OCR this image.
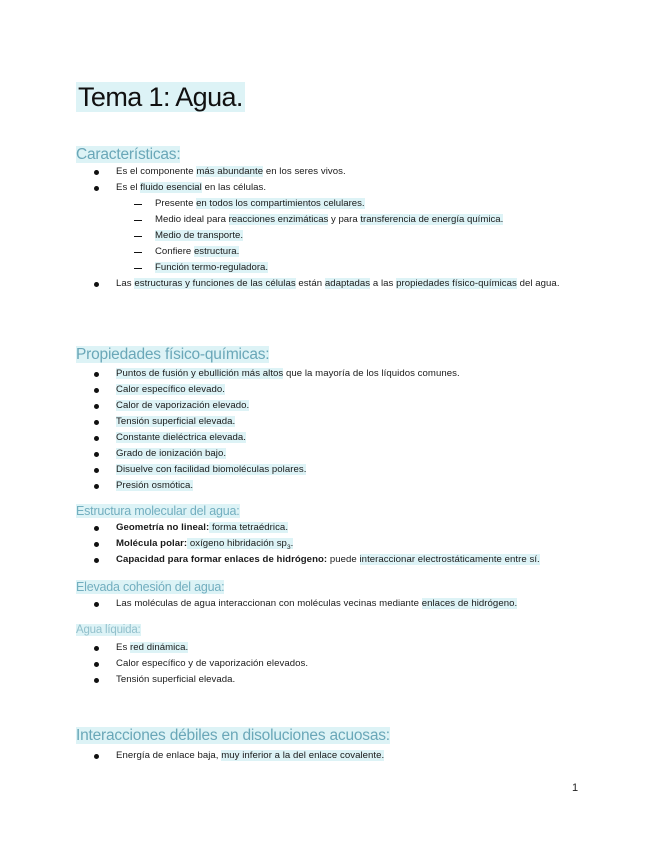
Tema 1: Agua.
Características:
Es el componente más abundante en los seres vivos.
Es el fluido esencial en las células.
Presente en todos los compartimientos celulares.
Medio ideal para reacciones enzimáticas y para transferencia de energía química.
Medio de transporte.
Confiere estructura.
Función termo-reguladora.
Las estructuras y funciones de las células están adaptadas a las propiedades físico-químicas del agua.
Propiedades físico-químicas:
Puntos de fusión y ebullición más altos que la mayoría de los líquidos comunes.
Calor específico elevado.
Calor de vaporización elevado.
Tensión superficial elevada.
Constante dieléctrica elevada.
Grado de ionización bajo.
Disuelve con facilidad biomoléculas polares.
Presión osmótica.
Estructura molecular del agua:
Geometría no lineal: forma tetraédrica.
Molécula polar: oxígeno hibridación $sp_3$.
Capacidad para formar enlaces de hidrógeno: puede interaccionar electrostáticamente entre sí.
Elevada cohesión del agua:
Las moléculas de agua interaccionan con moléculas vecinas mediante enlaces de hidrógeno.
Agua líquida:
Es red dinámica.
Calor específico y de vaporización elevados.
Tensión superficial elevada.
Interacciones débiles en disoluciones acuosas:
Energía de enlace baja, muy inferior a la del enlace covalente.
1
